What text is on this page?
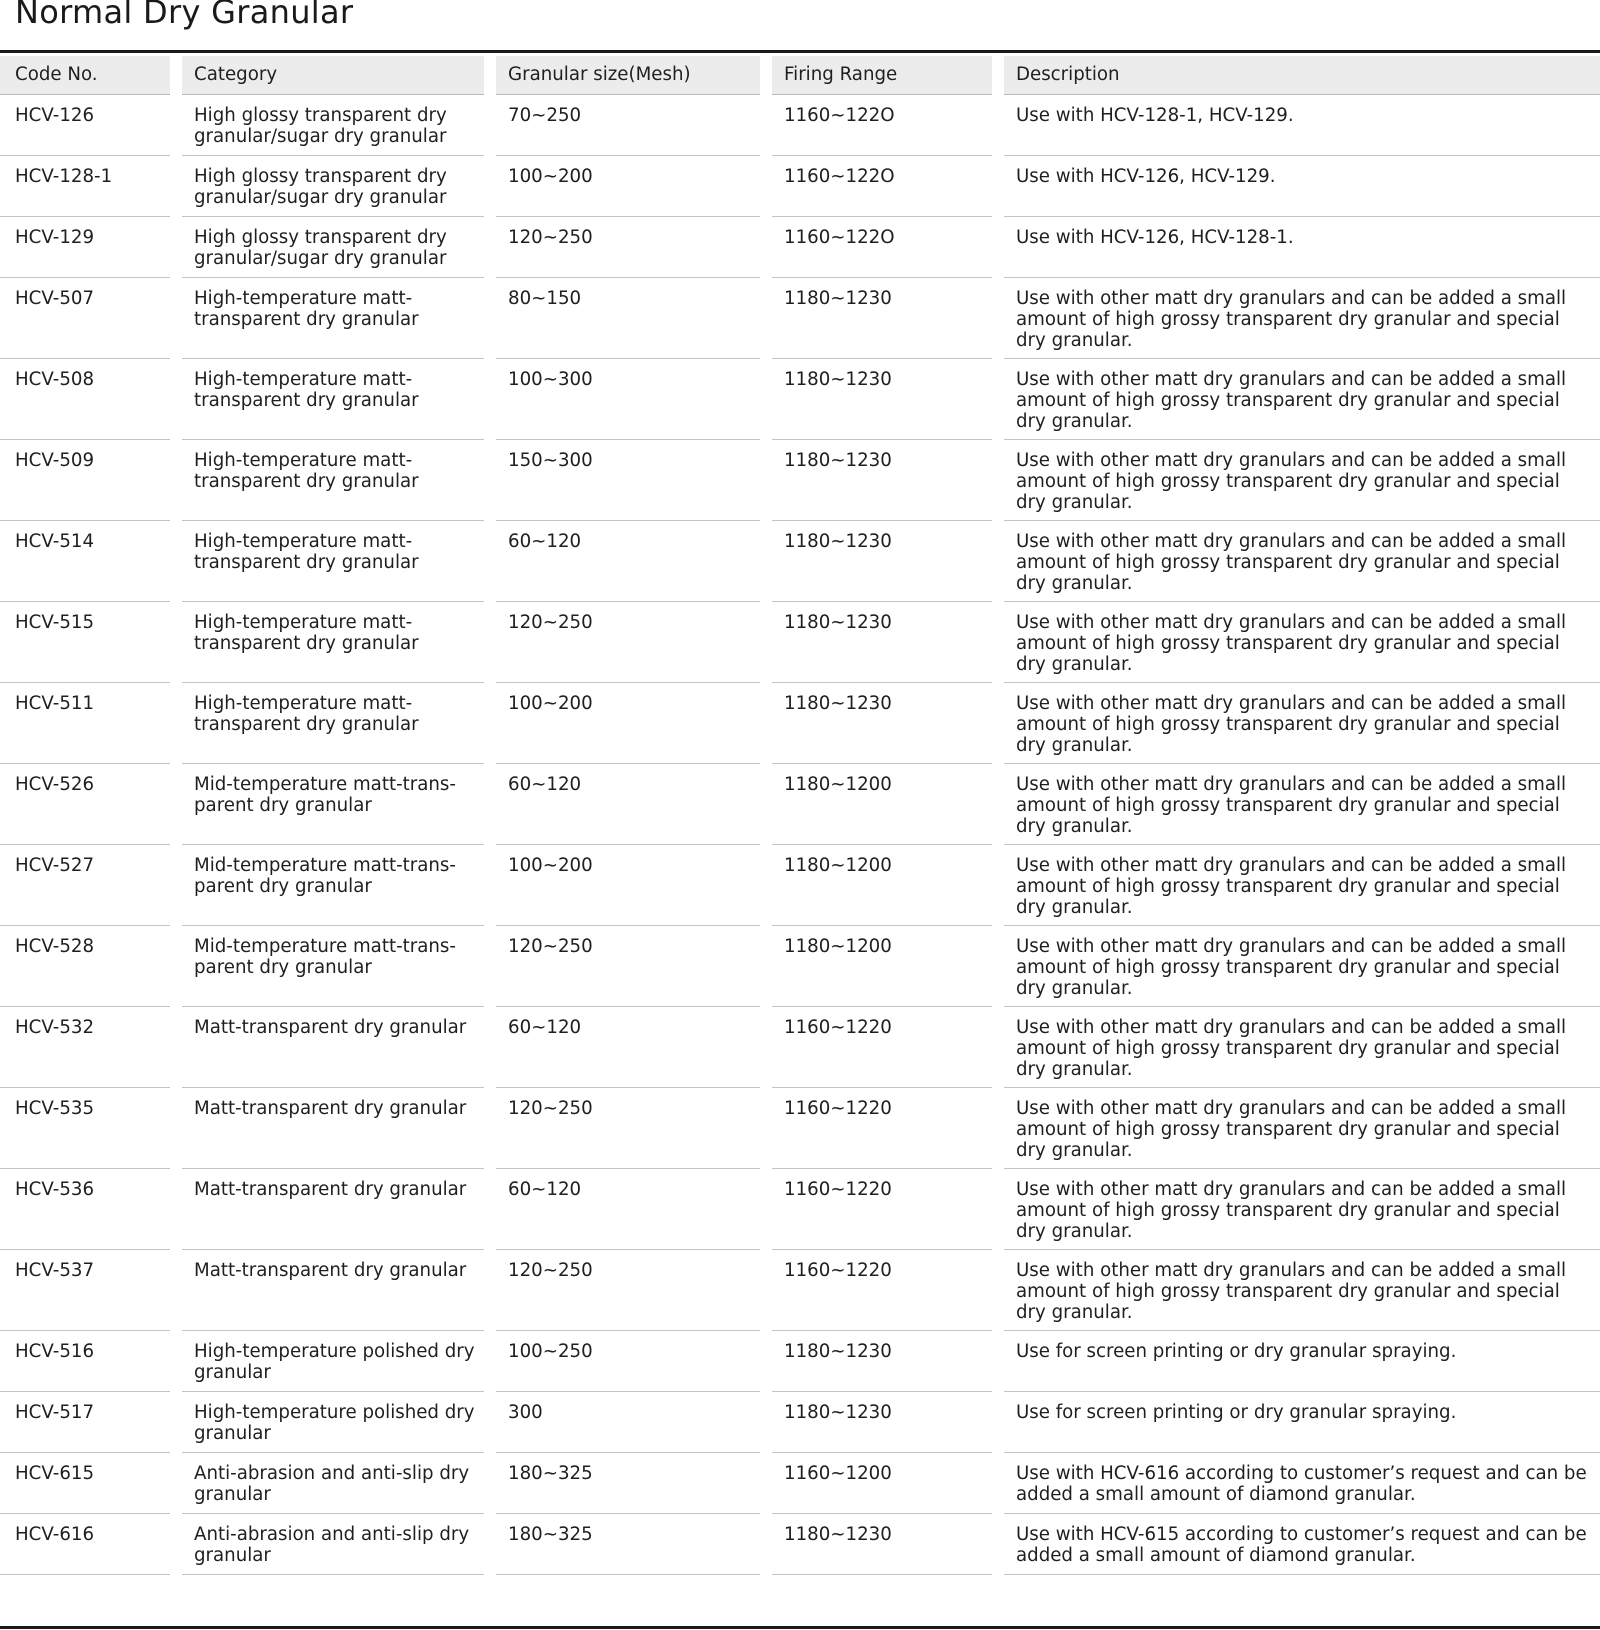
Normal Dry Granular
Code No.	Category	Granular size(Mesh)	Firing Range	Description

HCV-126	High glossy transparent dry granular/sugar dry granular	70~250	1160~122O	Use with HCV-128-1, HCV-129.

HCV-128-1	High glossy transparent dry granular/sugar dry granular	100~200	1160~122O	Use with HCV-126, HCV-129.

HCV-129	High glossy transparent dry granular/sugar dry granular	120~250	1160~122O	Use with HCV-126, HCV-128-1.

HCV-507	High-temperature matt-transparent dry granular	80~150	1180~1230	Use with other matt dry granulars and can be added a small amount of high grossy transparent dry granular and special dry granular.

HCV-508	High-temperature matt-transparent dry granular	100~300	1180~1230	Use with other matt dry granulars and can be added a small amount of high grossy transparent dry granular and special dry granular.

HCV-509	High-temperature matt-transparent dry granular	150~300	1180~1230	Use with other matt dry granulars and can be added a small amount of high grossy transparent dry granular and special dry granular.

HCV-514	High-temperature matt-transparent dry granular	60~120	1180~1230	Use with other matt dry granulars and can be added a small amount of high grossy transparent dry granular and special dry granular.

HCV-515	High-temperature matt-transparent dry granular	120~250	1180~1230	Use with other matt dry granulars and can be added a small amount of high grossy transparent dry granular and special dry granular.

HCV-511	High-temperature matt-transparent dry granular	100~200	1180~1230	Use with other matt dry granulars and can be added a small amount of high grossy transparent dry granular and special dry granular.

HCV-526	Mid-temperature matt-trans-parent dry granular	60~120	1180~1200	Use with other matt dry granulars and can be added a small amount of high grossy transparent dry granular and special dry granular.

HCV-527	Mid-temperature matt-trans-parent dry granular	100~200	1180~1200	Use with other matt dry granulars and can be added a small amount of high grossy transparent dry granular and special dry granular.

HCV-528	Mid-temperature matt-trans-parent dry granular	120~250	1180~1200	Use with other matt dry granulars and can be added a small amount of high grossy transparent dry granular and special dry granular.

HCV-532	Matt-transparent dry granular	60~120	1160~1220	Use with other matt dry granulars and can be added a small amount of high grossy transparent dry granular and special dry granular.

HCV-535	Matt-transparent dry granular	120~250	1160~1220	Use with other matt dry granulars and can be added a small amount of high grossy transparent dry granular and special dry granular.

HCV-536	Matt-transparent dry granular	60~120	1160~1220	Use with other matt dry granulars and can be added a small amount of high grossy transparent dry granular and special dry granular.

HCV-537	Matt-transparent dry granular	120~250	1160~1220	Use with other matt dry granulars and can be added a small amount of high grossy transparent dry granular and special dry granular.

HCV-516	High-temperature polished dry granular	100~250	1180~1230	Use for screen printing or dry granular spraying.

HCV-517	High-temperature polished dry granular	300	1180~1230	Use for screen printing or dry granular spraying.

HCV-615	Anti-abrasion and anti-slip dry granular	180~325	1160~1200	Use with HCV-616 according to customer’s request and can be added a small amount of diamond granular.

HCV-616	Anti-abrasion and anti-slip dry granular	180~325	1180~1230	Use with HCV-615 according to customer’s request and can be added a small amount of diamond granular.
